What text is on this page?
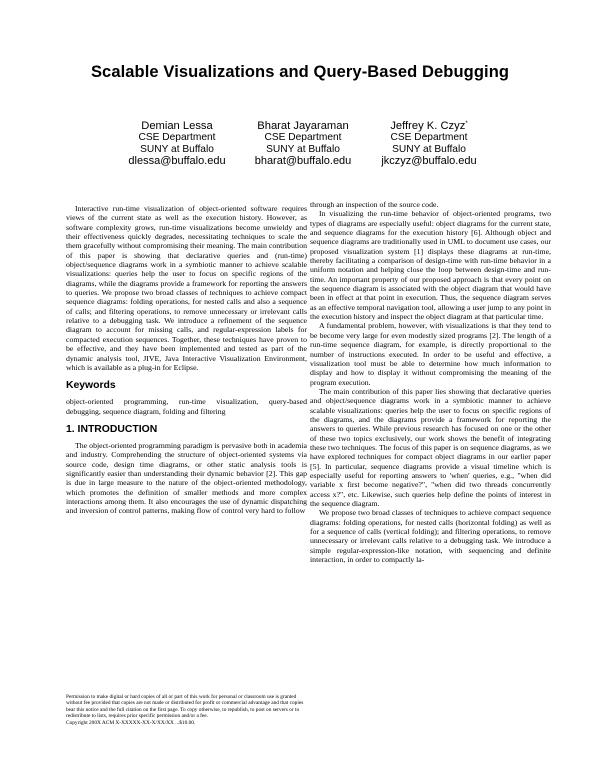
Scalable Visualizations and Query-Based Debugging
Demian Lessa
CSE Department
SUNY at Buffalo
dlessa@buffalo.edu
Bharat Jayaraman
CSE Department
SUNY at Buffalo
bharat@buffalo.edu
Jeffrey K. Czyz*
CSE Department
SUNY at Buffalo
jkczyz@buffalo.edu

Interactive run-time visualization of object-oriented software requires views of the current state as well as the execution history. However, as software complexity grows, run-time visualizations become unwieldy and their effectiveness quickly degrades, necessitating techniques to scale the them gracefully without compromising their meaning. The main contribution of this paper is showing that declarative queries and (run-time) object/sequence diagrams work in a symbiotic manner to achieve scalable visualizations: queries help the user to focus on specific regions of the diagrams, while the diagrams provide a framework for reporting the answers to queries. We propose two broad classes of techniques to achieve compact sequence diagrams: folding operations, for nested calls and also a sequence of calls; and filtering operations, to remove unnecessary or irrelevant calls relative to a debugging task. We introduce a refinement of the sequence diagram to account for missing calls, and regular-expression labels for compacted execution sequences. Together, these techniques have proven to be effective, and they have been implemented and tested as part of the dynamic analysis tool, JIVE, Java Interactive Visualization Environment, which is available as a plug-in for Eclipse.

Keywords

object-oriented programming, run-time visualization, query-based debugging, sequence diagram, folding and filtering

1. INTRODUCTION

The object-oriented programming paradigm is pervasive both in academia and industry. Comprehending the structure of object-oriented systems via source code, design time diagrams, or other static analysis tools is significantly easier than understanding their dynamic behavior [2]. This gap is due in large measure to the nature of the object-oriented methodology, which promotes the definition of smaller methods and more complex interactions among them. It also encourages the use of dynamic dispatching and inversion of control patterns, making flow of control very hard to follow

Permission to make digital or hard copies of all or part of this work for personal or classroom use is granted without fee provided that copies are not made or distributed for profit or commercial advantage and that copies bear this notice and the full citation on the first page. To copy otherwise, to republish, to post on servers or to redistribute to lists, requires prior specific permission and/or a fee.
Copyright 200X ACM X-XXXXX-XX-X/XX/XX ...$10.00.

through an inspection of the source code.

In visualizing the run-time behavior of object-oriented programs, two types of diagrams are especially useful: object diagrams for the current state, and sequence diagrams for the execution history [6]. Although object and sequence diagrams are traditionally used in UML to document use cases, our proposed visualization system [1] displays these diagrams at run-time, thereby facilitating a comparison of design-time with run-time behavior in a uniform notation and helping close the loop between design-time and run-time. An important property of our proposed approach is that every point on the sequence diagram is associated with the object diagram that would have been in effect at that point in execution. Thus, the sequence diagram serves as an effective temporal navigation tool, allowing a user jump to any point in the execution history and inspect the object diagram at that particular time.

A fundamental problem, however, with visualizations is that they tend to be become very large for even modestly sized programs [2]. The length of a run-time sequence diagram, for example, is directly proportional to the number of instructions executed. In order to be useful and effective, a visualization tool must be able to determine how much information to display and how to display it without compromising the meaning of the program execution.

The main contribution of this paper lies showing that declarative queries and object/sequence diagrams work in a symbiotic manner to achieve scalable visualizations: queries help the user to focus on specific regions of the diagrams, and the diagrams provide a framework for reporting the answers to queries. While previous research has focused on one or the other of these two topics exclusively, our work shows the benefit of integrating these two techniques. The focus of this paper is on sequence diagrams, as we have explored techniques for compact object diagrams in our earlier paper [5]. In particular, sequence diagrams provide a visual timeline which is especially useful for reporting answers to 'when' queries, e.g., "when did variable x first become negative?", "when did two threads concurrently access x?", etc. Likewise, such queries help define the points of interest in the sequence diagram.

We propose two broad classes of techniques to achieve compact sequence diagrams: folding operations, for nested calls (horizontal folding) as well as for a sequence of calls (vertical folding); and filtering operations, to remove unnecessary or irrelevant calls relative to a debugging task. We introduce a simple regular-expression-like notation, with sequencing and definite interaction, in order to compactly la-
